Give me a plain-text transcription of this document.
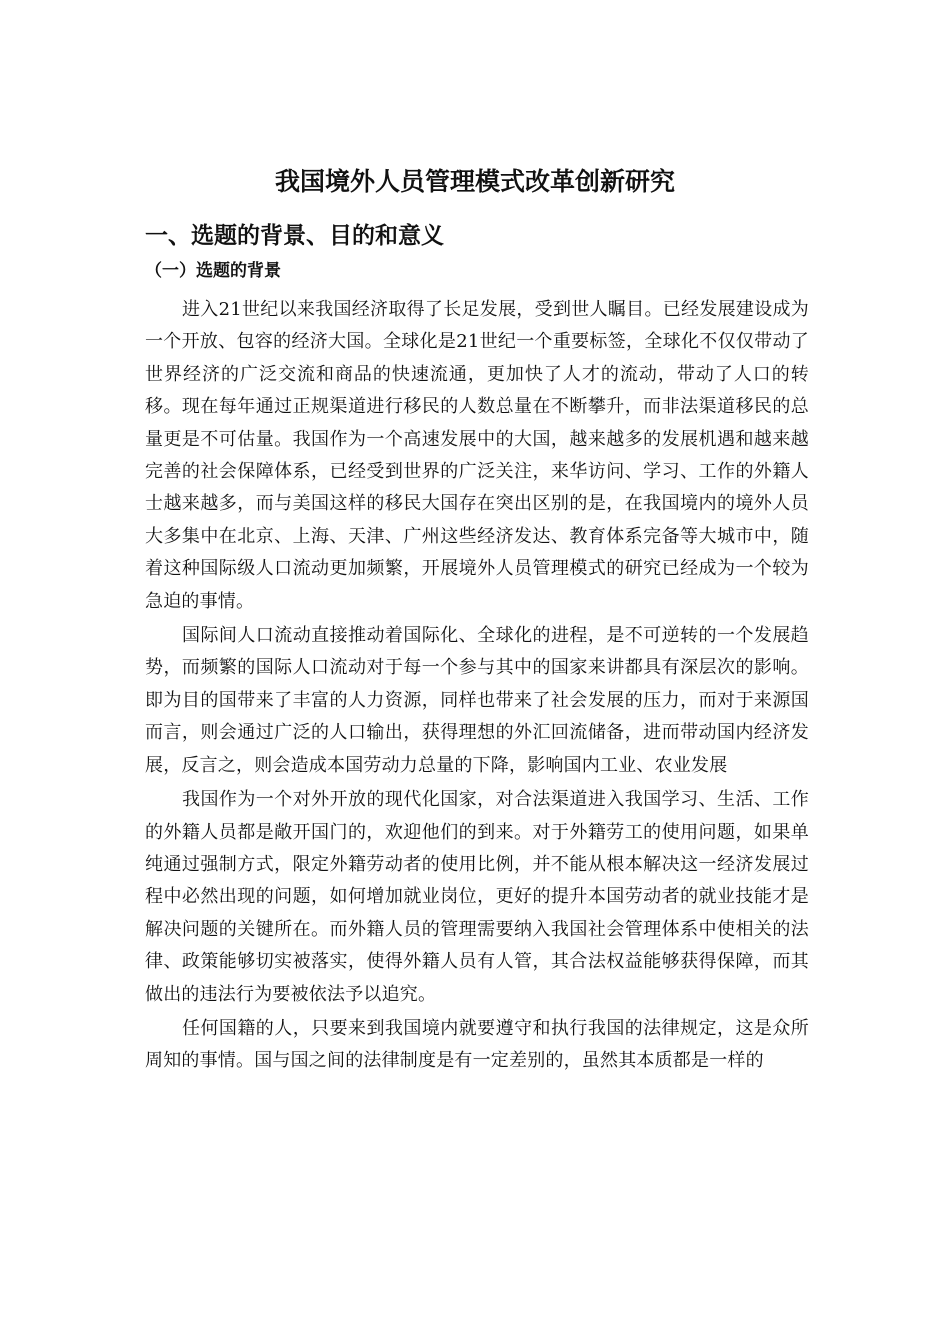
我国境外人员管理模式改革创新研究
一、选题的背景、目的和意义
（一）选题的背景

进入21世纪以来我国经济取得了长足发展，受到世人瞩目。已经发展建设成为一个开放、包容的经济大国。全球化是21世纪一个重要标签，全球化不仅仅带动了世界经济的广泛交流和商品的快速流通，更加快了人才的流动，带动了人口的转移。现在每年通过正规渠道进行移民的人数总量在不断攀升，而非法渠道移民的总量更是不可估量。我国作为一个高速发展中的大国，越来越多的发展机遇和越来越完善的社会保障体系，已经受到世界的广泛关注，来华访问、学习、工作的外籍人士越来越多，而与美国这样的移民大国存在突出区别的是，在我国境内的境外人员大多集中在北京、上海、天津、广州这些经济发达、教育体系完备等大城市中，随着这种国际级人口流动更加频繁，开展境外人员管理模式的研究已经成为一个较为急迫的事情。

国际间人口流动直接推动着国际化、全球化的进程，是不可逆转的一个发展趋势，而频繁的国际人口流动对于每一个参与其中的国家来讲都具有深层次的影响。即为目的国带来了丰富的人力资源，同样也带来了社会发展的压力，而对于来源国而言，则会通过广泛的人口输出，获得理想的外汇回流储备，进而带动国内经济发展，反言之，则会造成本国劳动力总量的下降，影响国内工业、农业发展

我国作为一个对外开放的现代化国家，对合法渠道进入我国学习、生活、工作的外籍人员都是敞开国门的，欢迎他们的到来。对于外籍劳工的使用问题，如果单纯通过强制方式，限定外籍劳动者的使用比例，并不能从根本解决这一经济发展过程中必然出现的问题，如何增加就业岗位，更好的提升本国劳动者的就业技能才是解决问题的关键所在。而外籍人员的管理需要纳入我国社会管理体系中使相关的法律、政策能够切实被落实，使得外籍人员有人管，其合法权益能够获得保障，而其做出的违法行为要被依法予以追究。

任何国籍的人，只要来到我国境内就要遵守和执行我国的法律规定，这是众所周知的事情。国与国之间的法律制度是有一定差别的，虽然其本质都是一样的
